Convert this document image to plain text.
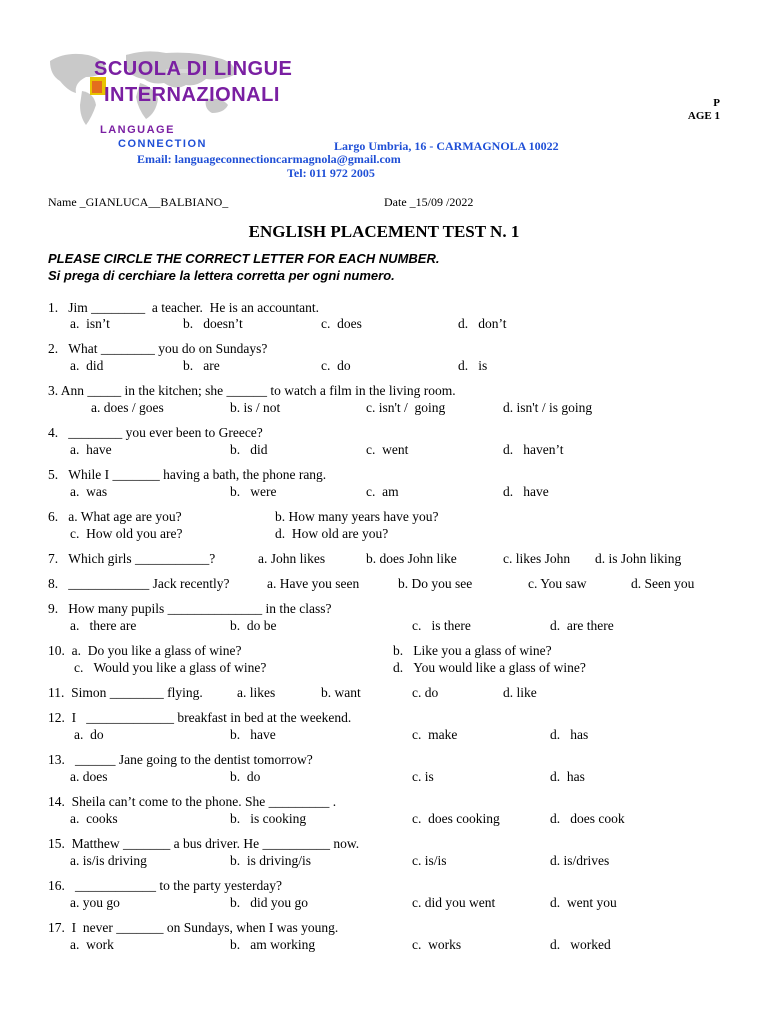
SCUOLA DI LINGUE
INTERNAZIONALI
LANGUAGE
CONNECTION	Largo Umbria, 16 - CARMAGNOLA 10022
Email: languageconnectioncarmagnola@gmail.com
Tel: 011 972 2005
P
AGE 1
Name _GIANLUCA__BALBIANO_	Date _15/09 /2022
ENGLISH PLACEMENT TEST N. 1
PLEASE CIRCLE THE CORRECT LETTER FOR EACH NUMBER.
Si prega di cerchiare la lettera corretta per ogni numero.
1.   Jim ________  a teacher.  He is an accountant.
a.  isn’t	b.   doesn’t	c.  does	d.   don’t
2.   What ________ you do on Sundays?
a.  did	b.   are	c.  do	d.   is
3. Ann _____ in the kitchen; she ______ to watch a film in the living room.
a. does / goes	b. is / not	c. isn't /  going	d. isn't / is going
4.   ________ you ever been to Greece?
a.  have	b.   did	c.  went	d.   haven’t
5.   While I _______ having a bath, the phone rang.
a.  was	b.   were	c.  am	d.   have
6.   a. What age are you?	b. How many years have you?
c.  How old you are?	d.  How old are you?
7.   Which girls ___________?	a. John likes	b. does John like	c. likes John d. is John liking
8.   ____________ Jack recently?	a. Have you seen	b. Do you see	c. You saw	d. Seen you
9.   How many pupils ______________ in the class?
a.   there are	b.  do be	c.   is there	d.  are there
10.  a.  Do you like a glass of wine?	b.   Like you a glass of wine?
c.   Would you like a glass of wine?	d.   You would like a glass of wine?
11.  Simon ________ flying.	a. likes	b. want	c. do	d. like
12.  I   _____________ breakfast in bed at the weekend.
a.  do	b.   have	c.  make	d.   has
13.   ______ Jane going to the dentist tomorrow?
a. does	b.  do	c. is	d.  has
14.  Sheila can’t come to the phone. She _________ .
a.  cooks	b.   is cooking	c.  does cooking	d.   does cook
15.  Matthew _______ a bus driver. He __________ now.
a. is/is driving	b.  is driving/is	c. is/is	d. is/drives
16.   ____________ to the party yesterday?
a. you go	b.   did you go	c. did you went	d.  went you
17.  I  never _______ on Sundays, when I was young.
a.  work	b.   am working	c.  works	d.   worked
